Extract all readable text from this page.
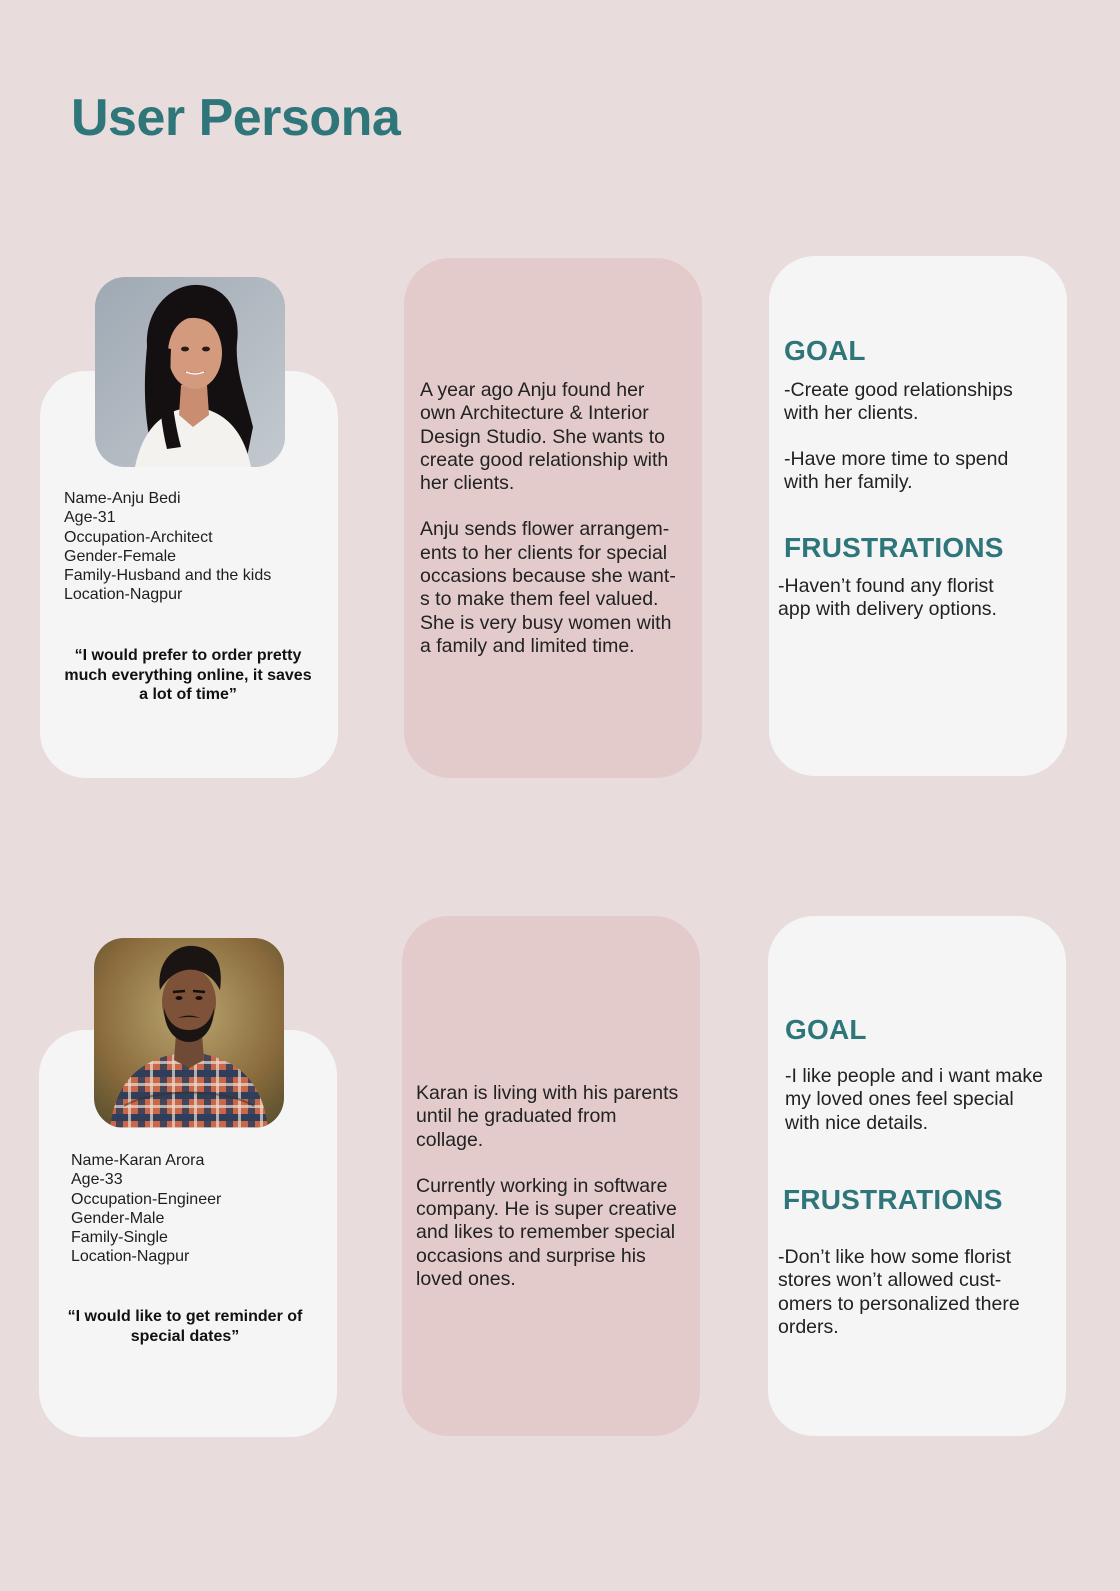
User Persona
Name-Anju Bedi
Age-31
Occupation-Architect
Gender-Female
Family-Husband and the kids
Location-Nagpur
“I would prefer to order pretty
much everything online, it saves
a lot of time”

A year ago Anju found her
own Architecture & Interior
Design Studio. She wants to
create good relationship with
her clients.

Anju sends flower arrangem-
ents to her clients for special
occasions because she want-
s to make them feel valued.
She is very busy women with
a family and limited time.

GOAL
-Create good relationships
with her clients.
-Have more time to spend
with her family.
FRUSTRATIONS
-Haven’t found any florist
app with delivery options.
Name-Karan Arora
Age-33
Occupation-Engineer
Gender-Male
Family-Single
Location-Nagpur
“I would like to get reminder of
special dates”

Karan is living with his parents
until he graduated from
collage.

Currently working in software
company. He is super creative
and likes to remember special
occasions and surprise his
loved ones.

GOAL
-I like people and i want make
my loved ones feel special
with nice details.
FRUSTRATIONS
-Don’t like how some florist
stores won’t allowed cust-
omers to personalized there
orders.
